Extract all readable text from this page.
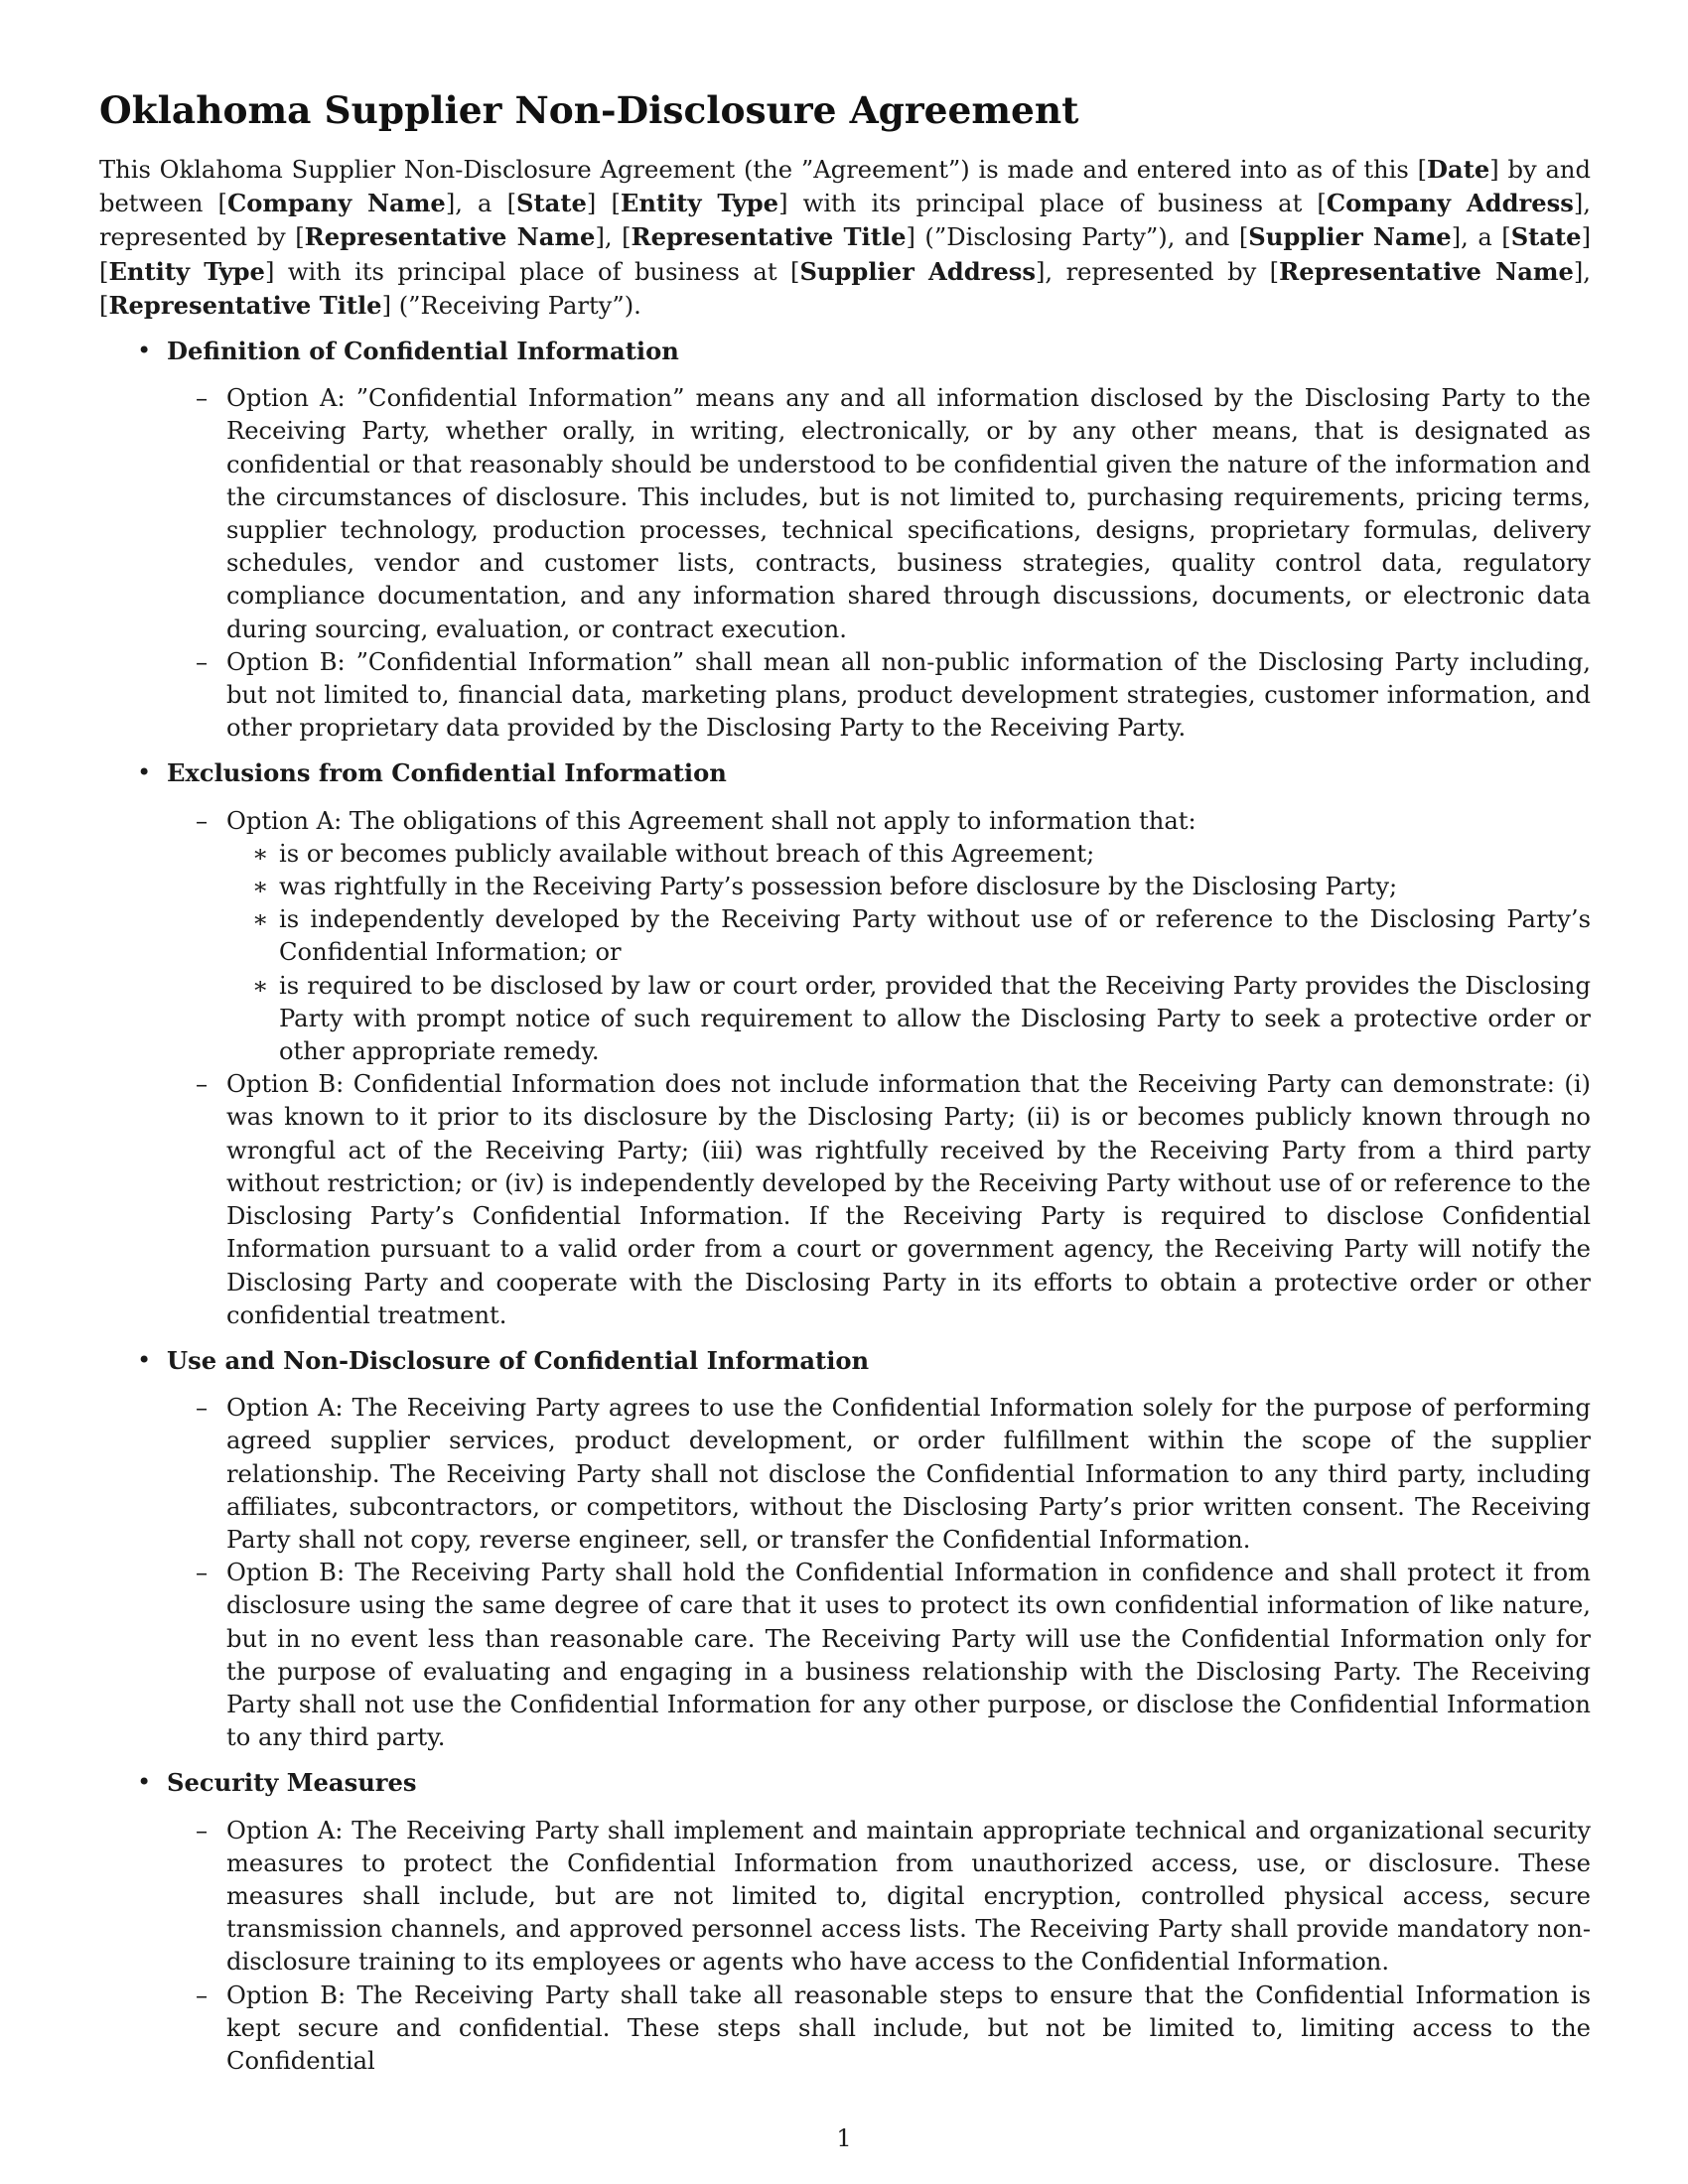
Oklahoma Supplier Non-Disclosure Agreement

This Oklahoma Supplier Non-Disclosure Agreement (the ”Agreement”) is made and entered into as of this [Date] by and between [Company Name], a [State] [Entity Type] with its principal place of business at [Company Address], represented by [Representative Name], [Representative Title] (”Disclosing Party”), and [Supplier Name], a [State] [Entity Type] with its principal place of business at [Supplier Address], represented by [Representative Name], [Representative Title] (”Receiving Party”).

• Definition of Confidential Information
– Option A: ”Confidential Information” means any and all information disclosed by the Disclosing Party to the Receiving Party, whether orally, in writing, electronically, or by any other means, that is designated as confidential or that reasonably should be understood to be confidential given the nature of the information and the circumstances of disclosure. This includes, but is not limited to, purchasing requirements, pricing terms, supplier technology, production processes, technical specifications, designs, proprietary formulas, delivery schedules, vendor and customer lists, contracts, business strategies, quality control data, regulatory compliance documentation, and any information shared through discussions, documents, or electronic data during sourcing, evaluation, or contract execution.
– Option B: ”Confidential Information” shall mean all non-public information of the Disclosing Party including, but not limited to, financial data, marketing plans, product development strategies, customer information, and other proprietary data provided by the Disclosing Party to the Receiving Party.
• Exclusions from Confidential Information
– Option A: The obligations of this Agreement shall not apply to information that:
∗ is or becomes publicly available without breach of this Agreement;
∗ was rightfully in the Receiving Party’s possession before disclosure by the Disclosing Party;
∗ is independently developed by the Receiving Party without use of or reference to the Disclosing Party’s Confidential Information; or
∗ is required to be disclosed by law or court order, provided that the Receiving Party provides the Disclosing Party with prompt notice of such requirement to allow the Disclosing Party to seek a protective order or other appropriate remedy.
– Option B: Confidential Information does not include information that the Receiving Party can demonstrate: (i) was known to it prior to its disclosure by the Disclosing Party; (ii) is or becomes publicly known through no wrongful act of the Receiving Party; (iii) was rightfully received by the Receiving Party from a third party without restriction; or (iv) is independently developed by the Receiving Party without use of or reference to the Disclosing Party’s Confidential Information. If the Receiving Party is required to disclose Confidential Information pursuant to a valid order from a court or government agency, the Receiving Party will notify the Disclosing Party and cooperate with the Disclosing Party in its efforts to obtain a protective order or other confidential treatment.
• Use and Non-Disclosure of Confidential Information
– Option A: The Receiving Party agrees to use the Confidential Information solely for the purpose of performing agreed supplier services, product development, or order fulfillment within the scope of the supplier relationship. The Receiving Party shall not disclose the Confidential Information to any third party, including affiliates, subcontractors, or competitors, without the Disclosing Party’s prior written consent. The Receiving Party shall not copy, reverse engineer, sell, or transfer the Confidential Information.
– Option B: The Receiving Party shall hold the Confidential Information in confidence and shall protect it from disclosure using the same degree of care that it uses to protect its own confidential information of like nature, but in no event less than reasonable care. The Receiving Party will use the Confidential Information only for the purpose of evaluating and engaging in a business relationship with the Disclosing Party. The Receiving Party shall not use the Confidential Information for any other purpose, or disclose the Confidential Information to any third party.
• Security Measures
– Option A: The Receiving Party shall implement and maintain appropriate technical and organizational security measures to protect the Confidential Information from unauthorized access, use, or disclosure. These measures shall include, but are not limited to, digital encryption, controlled physical access, secure transmission channels, and approved personnel access lists. The Receiving Party shall provide mandatory non-disclosure training to its employees or agents who have access to the Confidential Information.
– Option B: The Receiving Party shall take all reasonable steps to ensure that the Confidential Information is kept secure and confidential. These steps shall include, but not be limited to, limiting access to the Confidential
1
